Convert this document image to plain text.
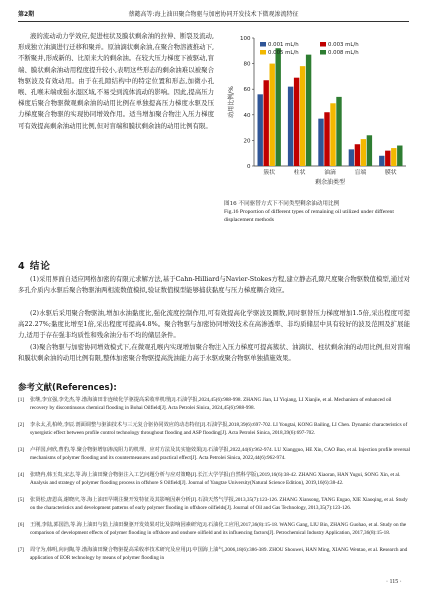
第2期	蔡懿高等:海上油田聚合物驱与加密协同开发技术下微观渗流特征
液的流动动力学效应,促进柱状及膜状剩余油的拉伸、断裂及流动,形成独立油滴进行迁移和聚并。原油滴状剩余油,在聚合物溶液推动下,不断聚并,形成新的、比原来大的剩余油。在较大压力梯度下被驱动,盲端、膜状剩余油动用程度提升较小,表明这些形态的剩余油难以被聚合物驱波及有效动用。由于在孔隙结构中的特定位置和形态,加微小孔喉、孔喉末端或强水湿区域,不易受到流体流动的影响。因此,提高压力梯度后聚合物驱微观剩余油的动用比例在单独提高压力梯度水驱及压力梯度聚合物驱的实现协同增效作用。适当增加聚合物注入压力梯度可有效提高剩余油动用比例,但对盲端和膜状剩余油的动用比例有限。
0
20
40
60
80
100
动用比例/%
簇状	柱状	油滴	盲端	膜状
剩余油类型
0.001 mL/h	0.003 mL/h
0.005 mL/h	0.008 mL/h
图16 不同驱替方式下不同类型剩余油动用比例
Fig.16 Proportion of different types of remaining oil utilized under different displacement methods
4 结论
(1)采用界面自适应网格加密的有限元求解方法,基于Cahn-Hilliard与Navier-Stokes方程,建立静态孔隙尺度聚合物驱数值模型,通过对多孔介质内水驱后聚合物驱油两相流数值模拟,验证数值模型能够捕获黏度与压力梯度耦合效应。
(2)水驱后采用聚合物驱油,增加水油黏度比,强化流度控制作用,可有效提高化学驱波及圈数,同时驱替压力梯度增加1.5倍,采出程度可提高22.27%;黏度比增至1倍,采出程度可提高4.8%。聚合物驱与加密协同增效技术在高渗透率、非均质储层中具有较好的波及范围及扩展能力,适用于存在强非均质性和残余油分布不均的储层条件。
(3)聚合物驱与加密协同增效模式下,在微观孔喉内实现增加聚合物注入压力梯度可提高簇状、油滴状、柱状剩余油的动用比例,但对盲端和膜状剩余油的动用比例有限,整体加密聚合物驱提高洗油能力高于水驱或聚合物驱单独措施效果。
参考文献(References):
[1] 张继,李宜强,李先杰,等.渤海油田非连续化学驱提高采收率机理[J].石油学报,2024,45(6):988-998. ZHANG Jian, LI Yiqiang, LI Xianjie, et al. Mechanism of enhanced oil recovery by discontinuous chemical flooding in Bohai Oilfield[J]. Acta Petrolei Sinica, 2024,45(6):988-998.
[2] 李永太,孔柏岭,李辰.剖面调整与驱油技术与三元复合驱协同效应的动态特征[J].石油学报,2018,39(6):697-702. LI Yongtai, KONG Bailing, LI Chen. Dynamic characteristics of synergistic effect between profile control technology throughout flooding and ASP flooding[J]. Acta Petrolei Sinica, 2018,39(6):697-702.
[3] 卢祥国,何欣,曹豹,等.聚合物驱增加渗流阻力的机理、应对方法及其实施效果[J].石油学报,2022,44(6):962-974. LU Xiangguo, HE Xin, CAO Bao, et al. Injection profile reversal mechanisms of polymer flooding and its countermeasures and practical effect[J]. Acta Petrolei Sinica, 2022,44(6):962-974.
[4] 张晓冉,韩玉贵,宋志,等.海上油田聚合物驱注入工艺问题分析与应对策略[J].长江大学学报(自然科学版),2019,16(6):38-42. ZHANG Xiaoran, HAN Yugui, SONG Xin, et al. Analysis and strategy of polymer flooding process in offshore S Oilfield[J]. Journal of Yangtze University(Natural Science Edition), 2019,16(6):38-42.
[5] 张贤松,唐恩高,谢晓庆,等.海上油田早期注聚开发特征及其影响因素分析[J].石油天然气学报,2013,35(7):123-126. ZHANG Xiansong, TANG Engao, XIE Xiaoqing, et al. Study on the characteristics and development patterns of early polymer flooding in offshore oilfields[J]. Journal of Oil and Gas Technology, 2013,35(7):123-126.
[6] 王刚,李陆,郭国浩,等.海上油田与陆上油田聚驱开发效果对比及影响因素研究[J].石油化工应用,2017,36(8):15-18. WANG Gang, LIU Bin, ZHANG Guohao, et al. Study on the comparison of development effects of polymer flooding in offshore and onshore oilfield and its influencing factors[J]. Petrochemical Industry Application, 2017,36(8):15-18.
[7] 周守为,韩明,向问陶,等.渤海油田聚合物驱提高采收率技术研究及应用[J].中国海上油气,2006,18(6):386-389. ZHOU Shouwei, HAN Ming, XIANG Wentao, et al. Research and application of EOR technology by means of polymer flooding in
· 115 ·
